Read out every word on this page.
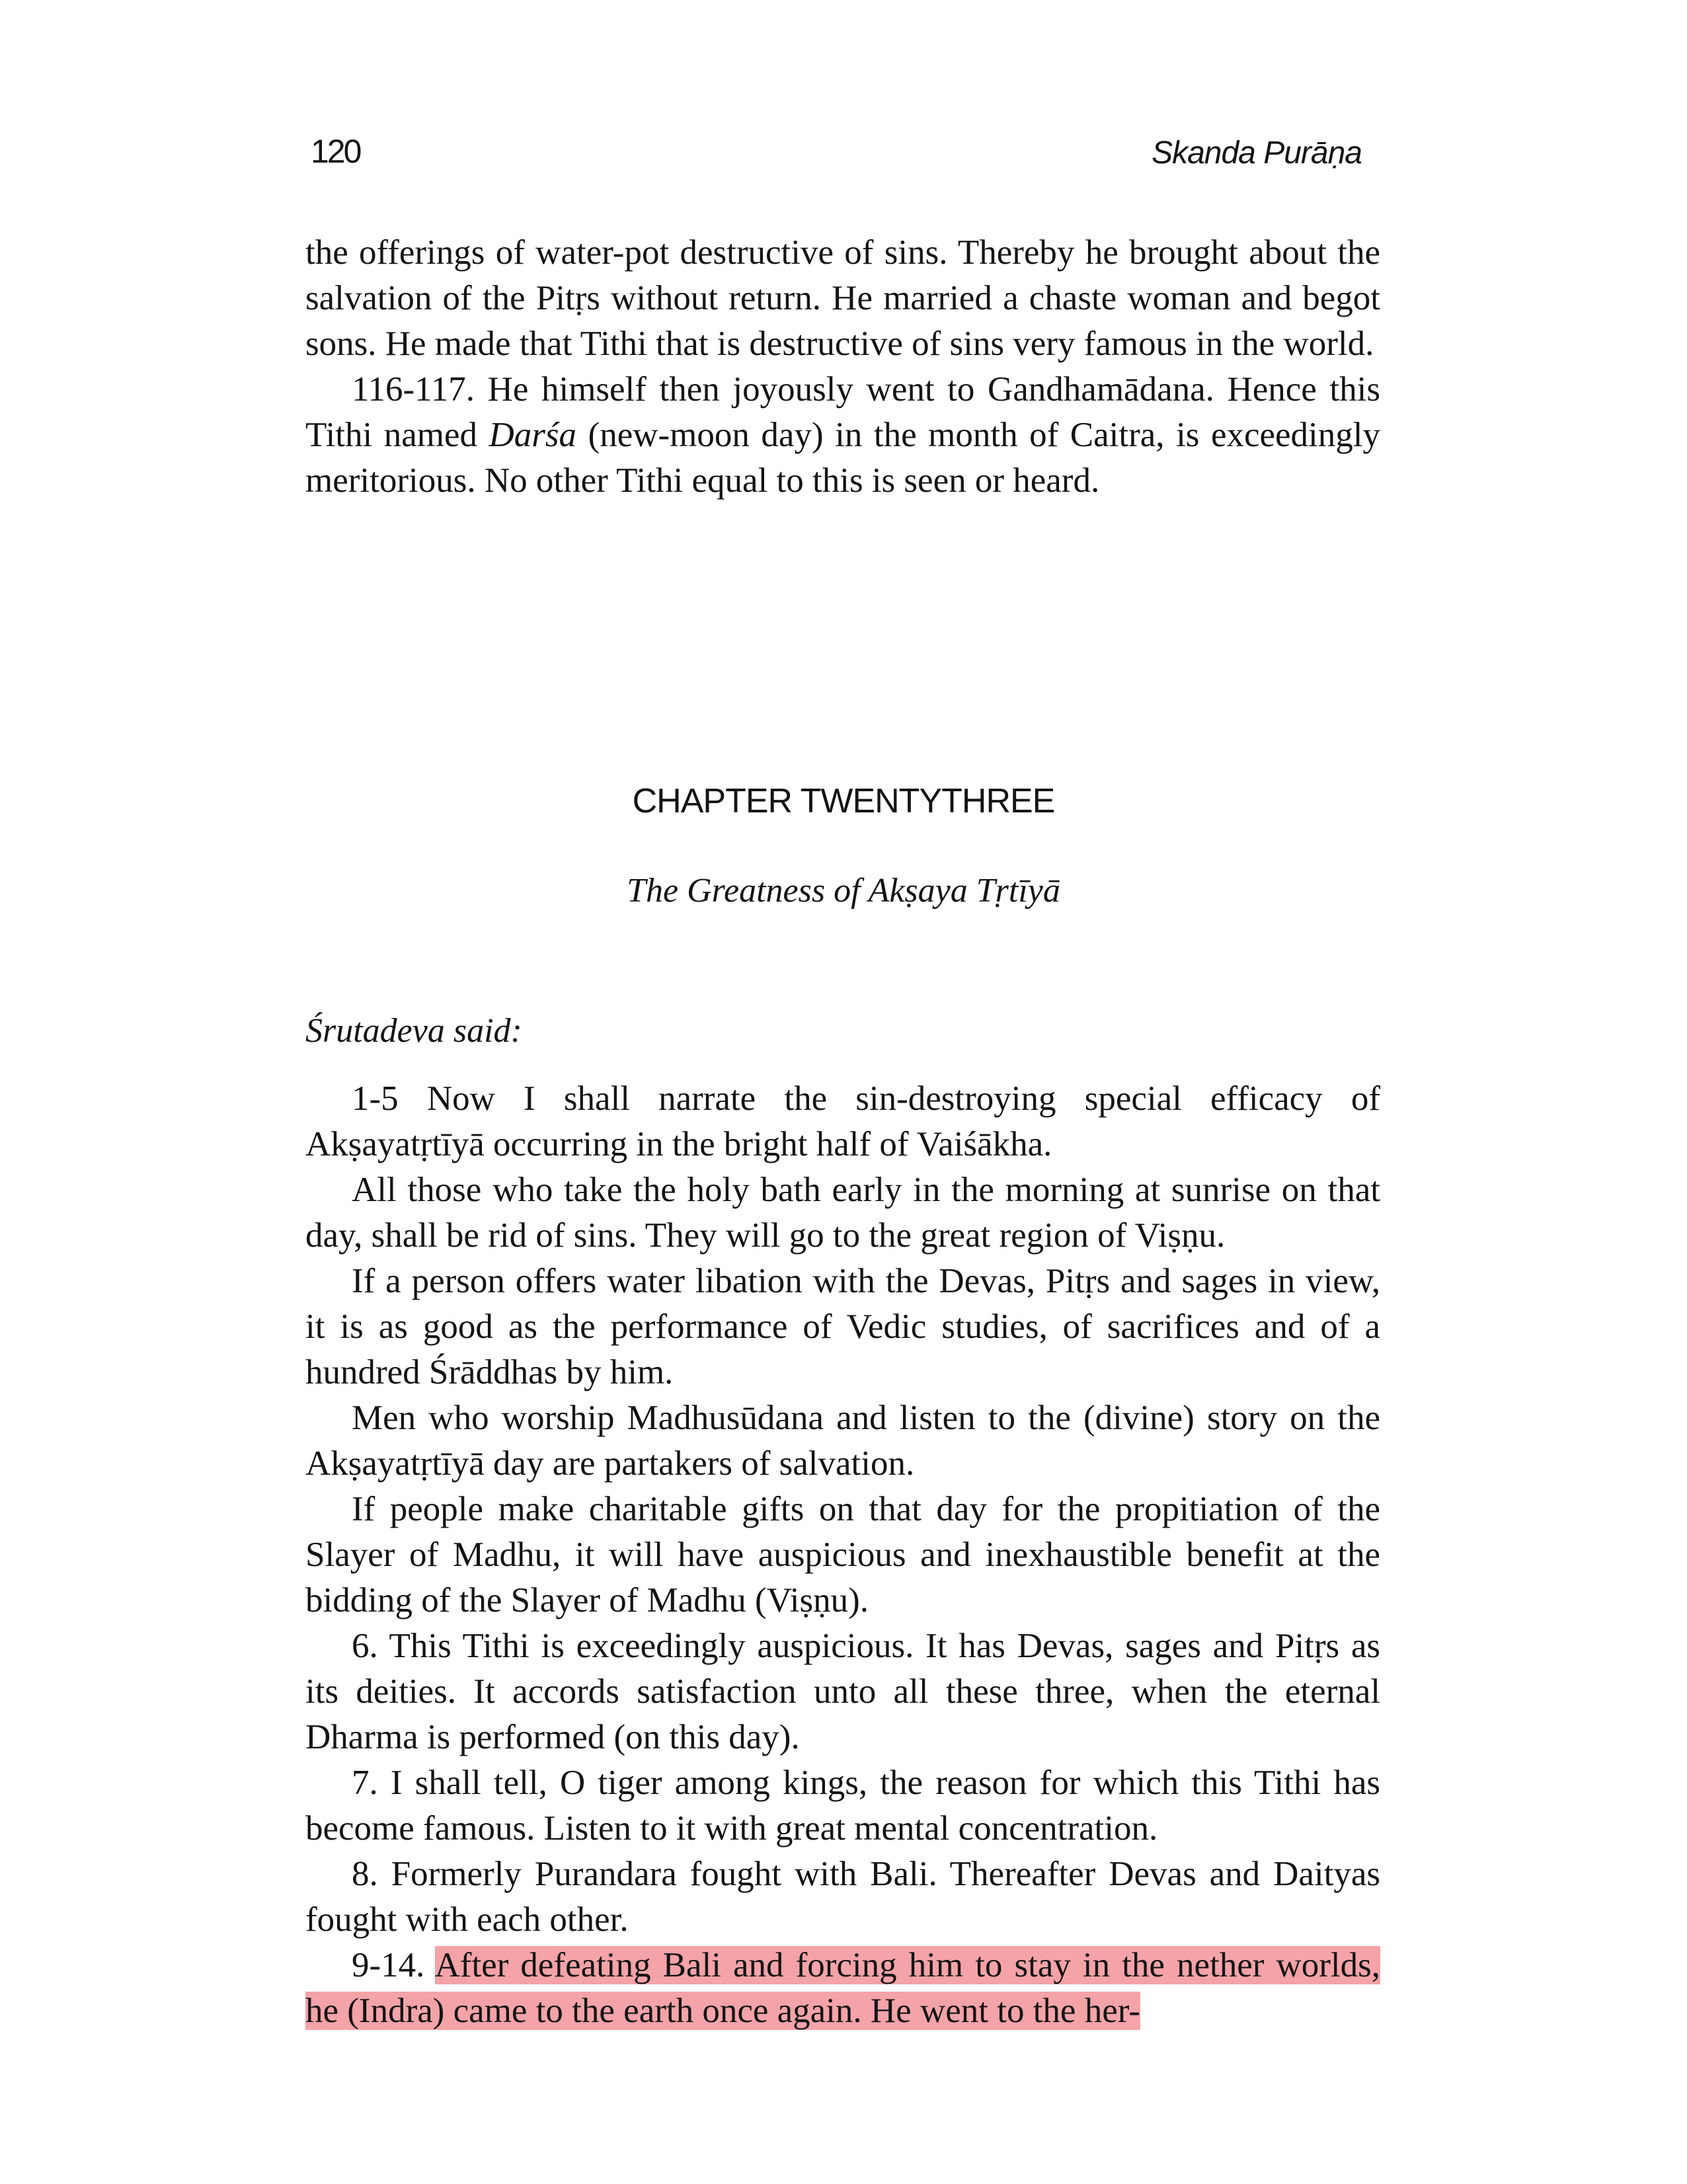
120	Skanda Purāṇa

the offerings of water-pot destructive of sins. Thereby he brought about the salvation of the Pitṛs without return. He married a chaste woman and begot sons. He made that Tithi that is destructive of sins very famous in the world.

116-117. He himself then joyously went to Gandhamādana. Hence this Tithi named Darśa (new-moon day) in the month of Caitra, is exceedingly meritorious. No other Tithi equal to this is seen or heard.

CHAPTER TWENTYTHREE
The Greatness of Akṣaya Tṛtīyā
Śrutadeva said:

1-5 Now I shall narrate the sin-destroying special efficacy of Akṣayatṛtīyā occurring in the bright half of Vaiśākha.

All those who take the holy bath early in the morning at sunrise on that day, shall be rid of sins. They will go to the great region of Viṣṇu.

If a person offers water libation with the Devas, Pitṛs and sages in view, it is as good as the performance of Vedic studies, of sacrifices and of a hundred Śrāddhas by him.

Men who worship Madhusūdana and listen to the (divine) story on the Akṣayatṛtīyā day are partakers of salvation.

If people make charitable gifts on that day for the propitiation of the Slayer of Madhu, it will have auspicious and inexhaustible benefit at the bidding of the Slayer of Madhu (Viṣṇu).

6. This Tithi is exceedingly auspicious. It has Devas, sages and Pitṛs as its deities. It accords satisfaction unto all these three, when the eternal Dharma is performed (on this day).

7. I shall tell, O tiger among kings, the reason for which this Tithi has become famous. Listen to it with great mental concentration.

8. Formerly Purandara fought with Bali. Thereafter Devas and Daityas fought with each other.

9-14. After defeating Bali and forcing him to stay in the nether worlds, he (Indra) came to the earth once again. He went to the her-
